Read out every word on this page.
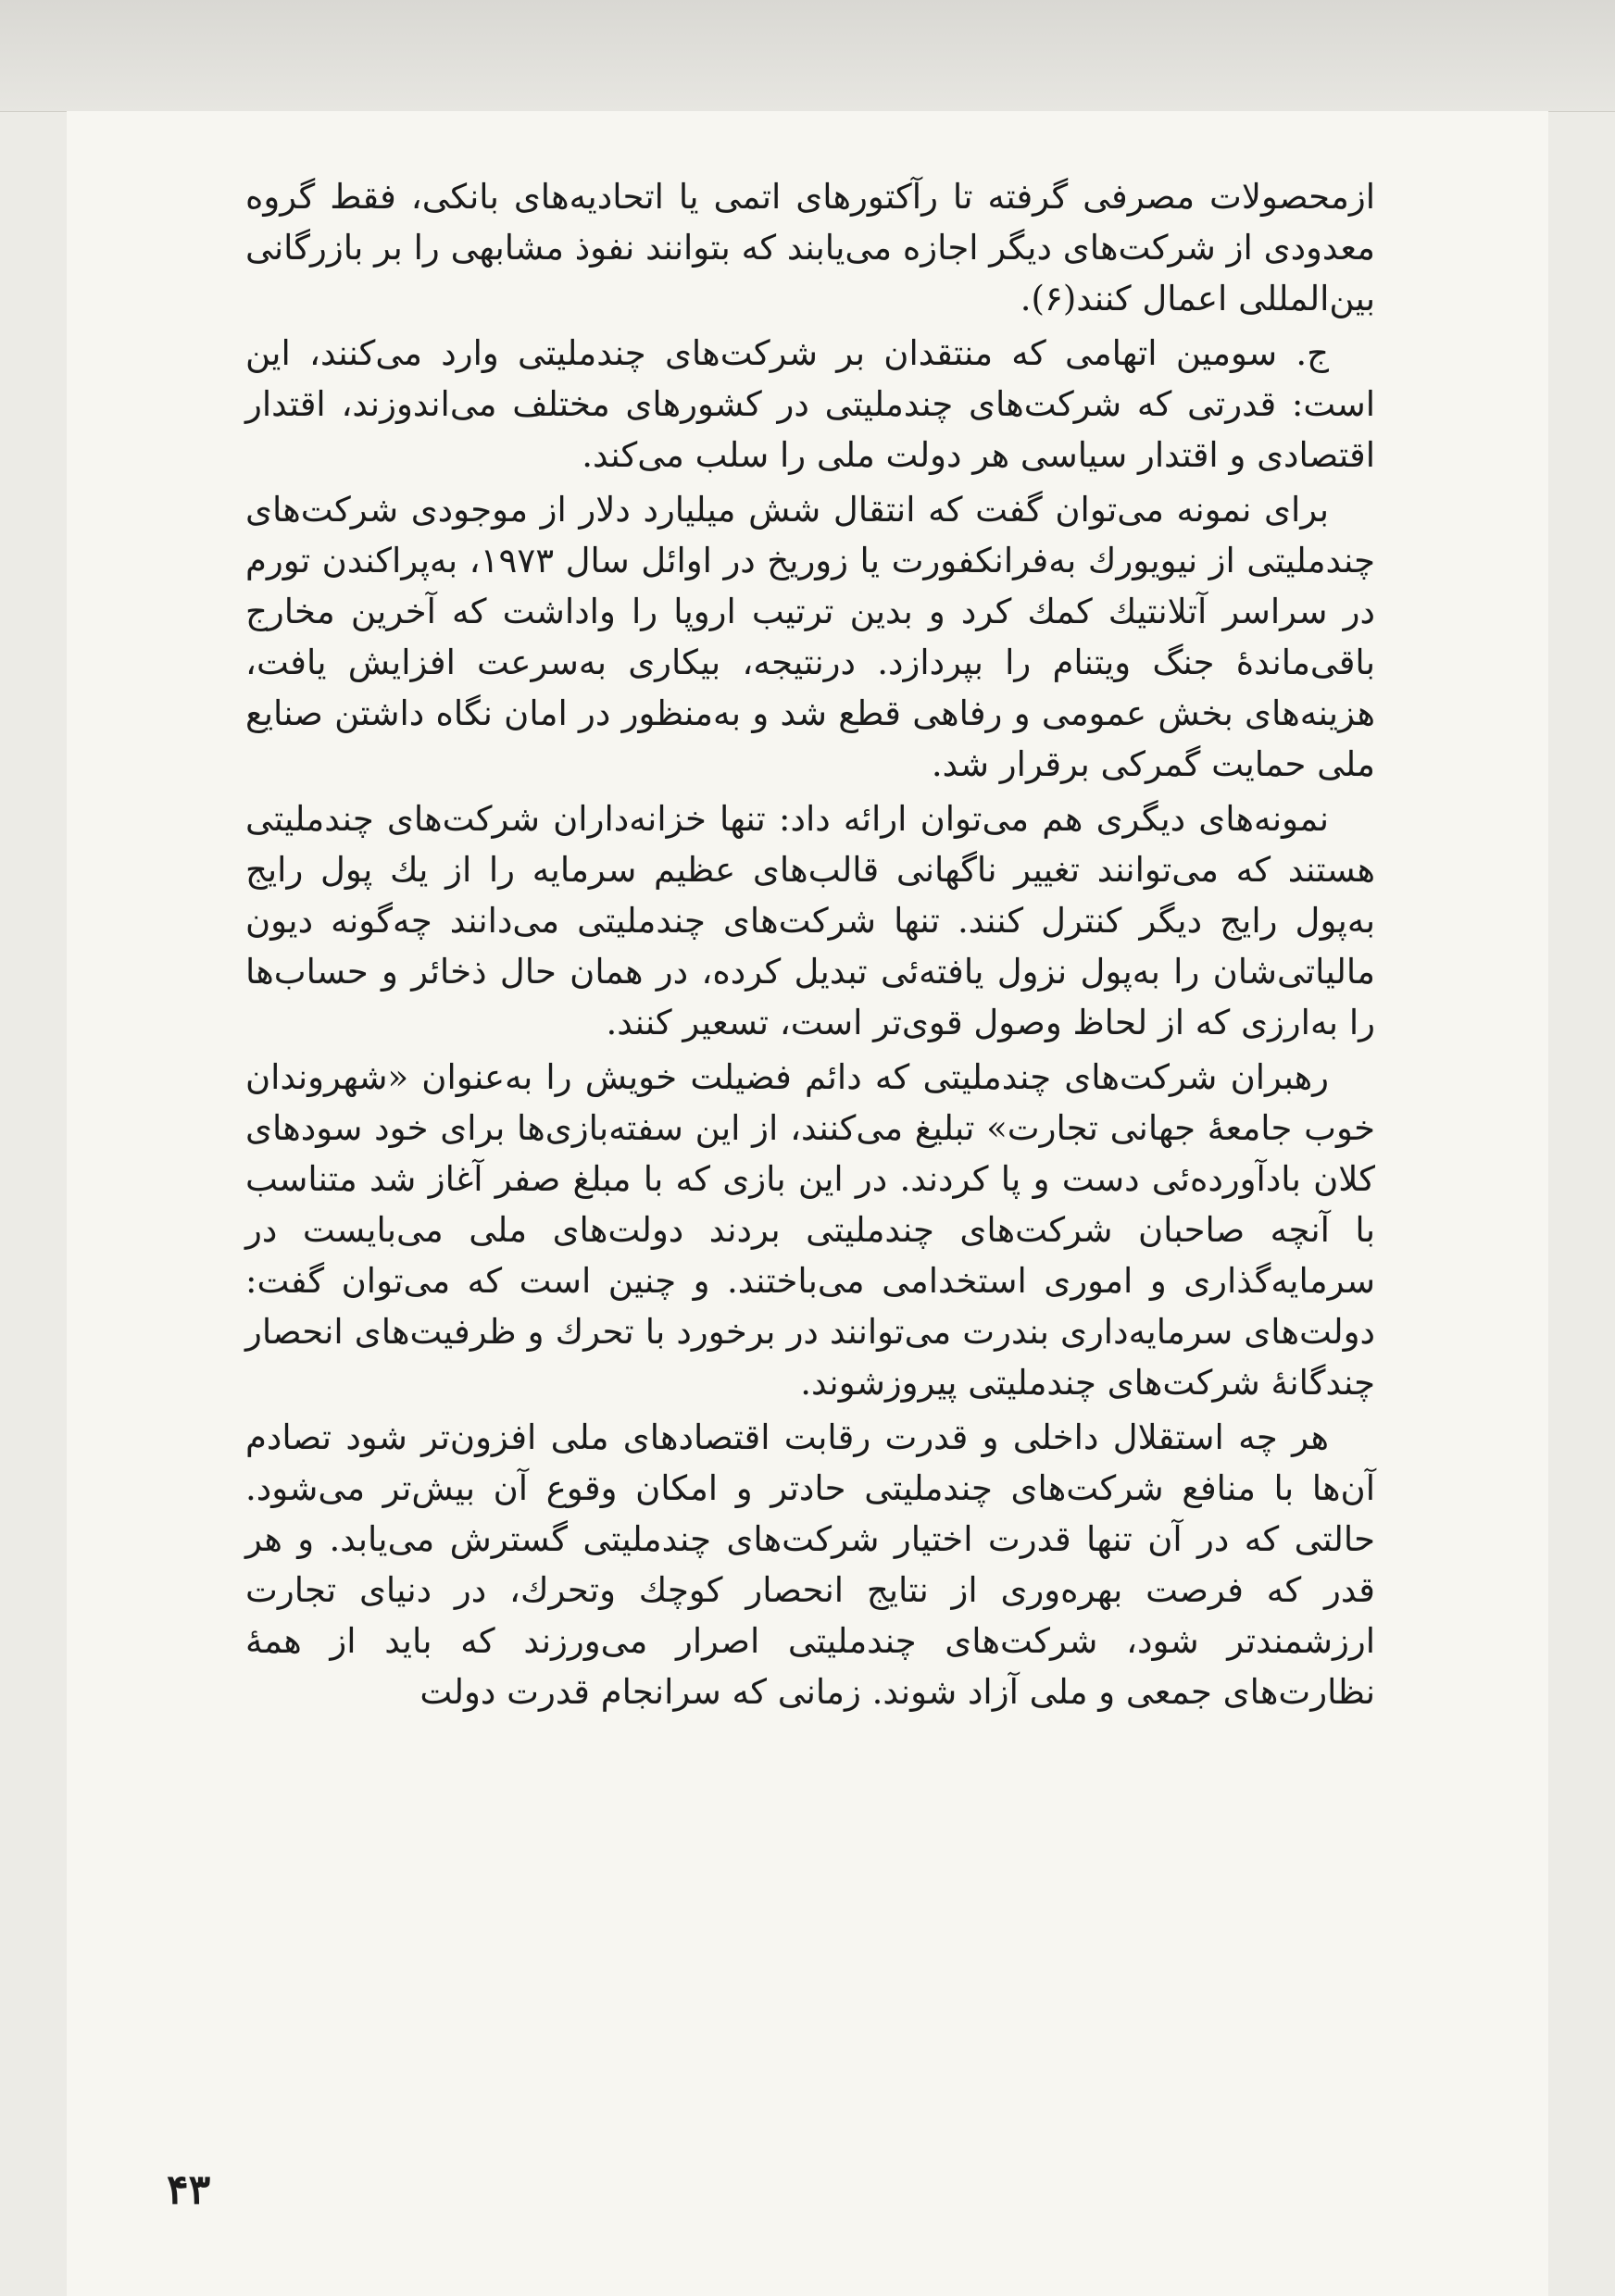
ازمحصولات مصرفی گرفته تا رآکتورهای اتمی یا اتحادیه‌های بانکی، فقط گروه معدودی از شرکت‌های دیگر اجازه می‌یابند که بتوانند نفوذ مشابهی را بر بازرگانی بین‌المللی اعمال کنند(۶).

ج. سومین اتهامی که منتقدان بر شرکت‌های چندملیتی وارد می‌کنند، این است: قدرتی که شرکت‌های چندملیتی در کشورهای مختلف می‌اندوزند، اقتدار اقتصادی و اقتدار سیاسی هر دولت ملی را سلب می‌کند.

برای نمونه می‌توان گفت که انتقال شش میلیارد دلار از موجودی شرکت‌های چندملیتی از نیویورك به‌فرانکفورت یا زوریخ در اوائل سال ۱۹۷۳، به‌پراکندن تورم در سراسر آتلانتیك کمك کرد و بدین ترتیب اروپا را واداشت که آخرین مخارج باقی‌ماندهٔ جنگ ویتنام را بپردازد. درنتیجه، بیکاری به‌سرعت افزایش یافت، هزینه‌های بخش عمومی و رفاهی قطع شد و به‌منظور در امان نگاه داشتن صنایع ملی حمایت گمرکی برقرار شد.

نمونه‌های دیگری هم می‌توان ارائه داد: تنها خزانه‌داران شرکت‌های چندملیتی هستند که می‌توانند تغییر ناگهانی قالب‌های عظیم سرمایه را از یك پول رایج به‌پول رایج دیگر کنترل کنند. تنها شرکت‌های چندملیتی می‌دانند چه‌گونه دیون مالیاتی‌شان را به‌پول نزول یافته‌ئی تبدیل کرده، در همان حال ذخائر و حساب‌ها را به‌ارزی که از لحاظ وصول قوی‌تر است، تسعیر کنند.

رهبران شرکت‌های چندملیتی که دائم فضیلت خویش را به‌عنوان «شهروندان خوب جامعهٔ جهانی تجارت» تبلیغ می‌کنند، از این سفته‌بازی‌ها برای خود سودهای کلان بادآورده‌ئی دست و پا کردند. در این بازی که با مبلغ صفر آغاز شد متناسب با آنچه صاحبان شرکت‌های چندملیتی بردند دولت‌های ملی می‌بایست در سرمایه‌گذاری و اموری استخدامی می‌باختند. و چنین است که می‌توان گفت: دولت‌های سرمایه‌داری بندرت می‌توانند در برخورد با تحرك و ظرفیت‌های انحصار چندگانهٔ شرکت‌های چندملیتی پیروزشوند.

هر چه استقلال داخلی و قدرت رقابت اقتصادهای ملی افزون‌تر شود تصادم آن‌ها با منافع شرکت‌های چندملیتی حادتر و امکان وقوع آن بیش‌تر می‌شود. حالتی که در آن تنها قدرت اختیار شرکت‌های چندملیتی گسترش می‌یابد. و هر قدر که فرصت بهره‌وری از نتایج انحصار کوچك وتحرك، در دنیای تجارت ارزشمندتر شود، شرکت‌های چندملیتی اصرار می‌ورزند که باید از همهٔ نظارت‌های جمعی و ملی آزاد شوند. زمانی که سرانجام قدرت دولت

۴۳
